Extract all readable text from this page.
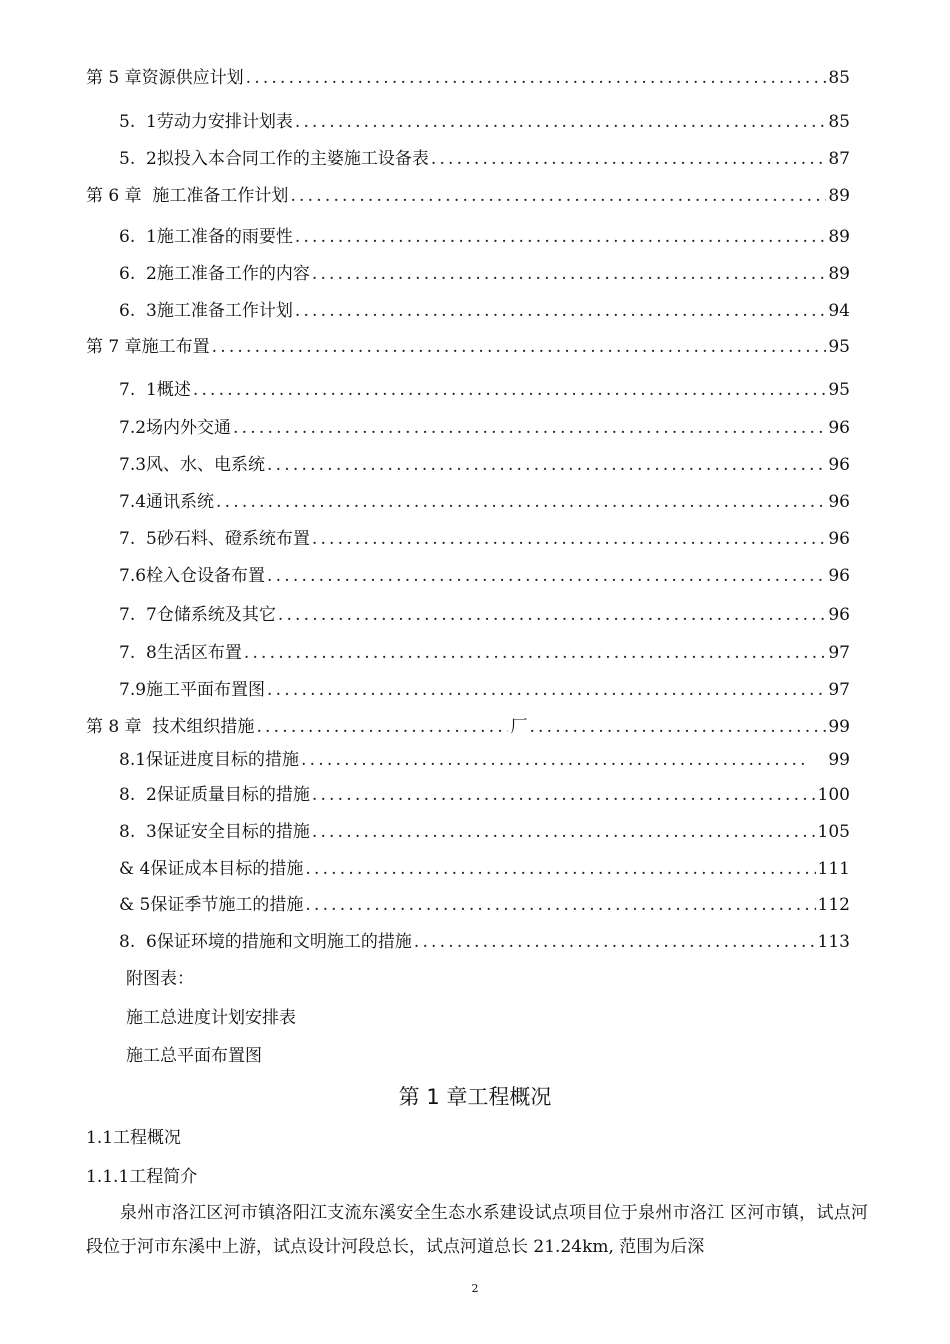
第 5 章资源供应计划 .....	85
5.  1劳动力安排计划表 .....	85
5.  2拟投入本合同工作的主婆施工设备表 .....	87
第 6 章  施工准备工作计划 .....	89
6.  1施工准备的雨要性 .....	89
6.  2施工准备工作的内容 .....	89
6.  3施工准备工作计划 .....	94
第 7 章施工布置 .....	95
7.  1概述 .....	95
7.2场内外交通 .....	96
7.3风、水、电系统 .....	96
7.4通讯系统 .....	96
7.  5砂石料、磴系统布置 .....	96
7.6栓入仓设备布置 .....	96
7.  7仓储系统及其它 .....	96
7.  8生活区布置 .....	97
7.9施工平面布置图 .....	97
第 8 章  技术组织措施 .....	厂 .....	99
8.1保证进度目标的措施 .....	99
8.  2保证质量目标的措施 .....	100
8.  3保证安全目标的措施 .....	105
& 4保证成本目标的措施 .....	111
& 5保证季节施工的措施 .....	112
8.  6保证环境的措施和文明施工的措施 .....	113
附图表：
施工总进度计划安排表
施工总平面布置图
第 1 章工程概况
1.1工程概况
1.1.1工程简介
泉州市洛江区河市镇洛阳江支流东溪安全生态水系建设试点项目位于泉州市洛江 区河市镇，试点河段位于河市东溪中上游，试点设计河段总长，试点河道总长 21.24km, 范围为后深
2
